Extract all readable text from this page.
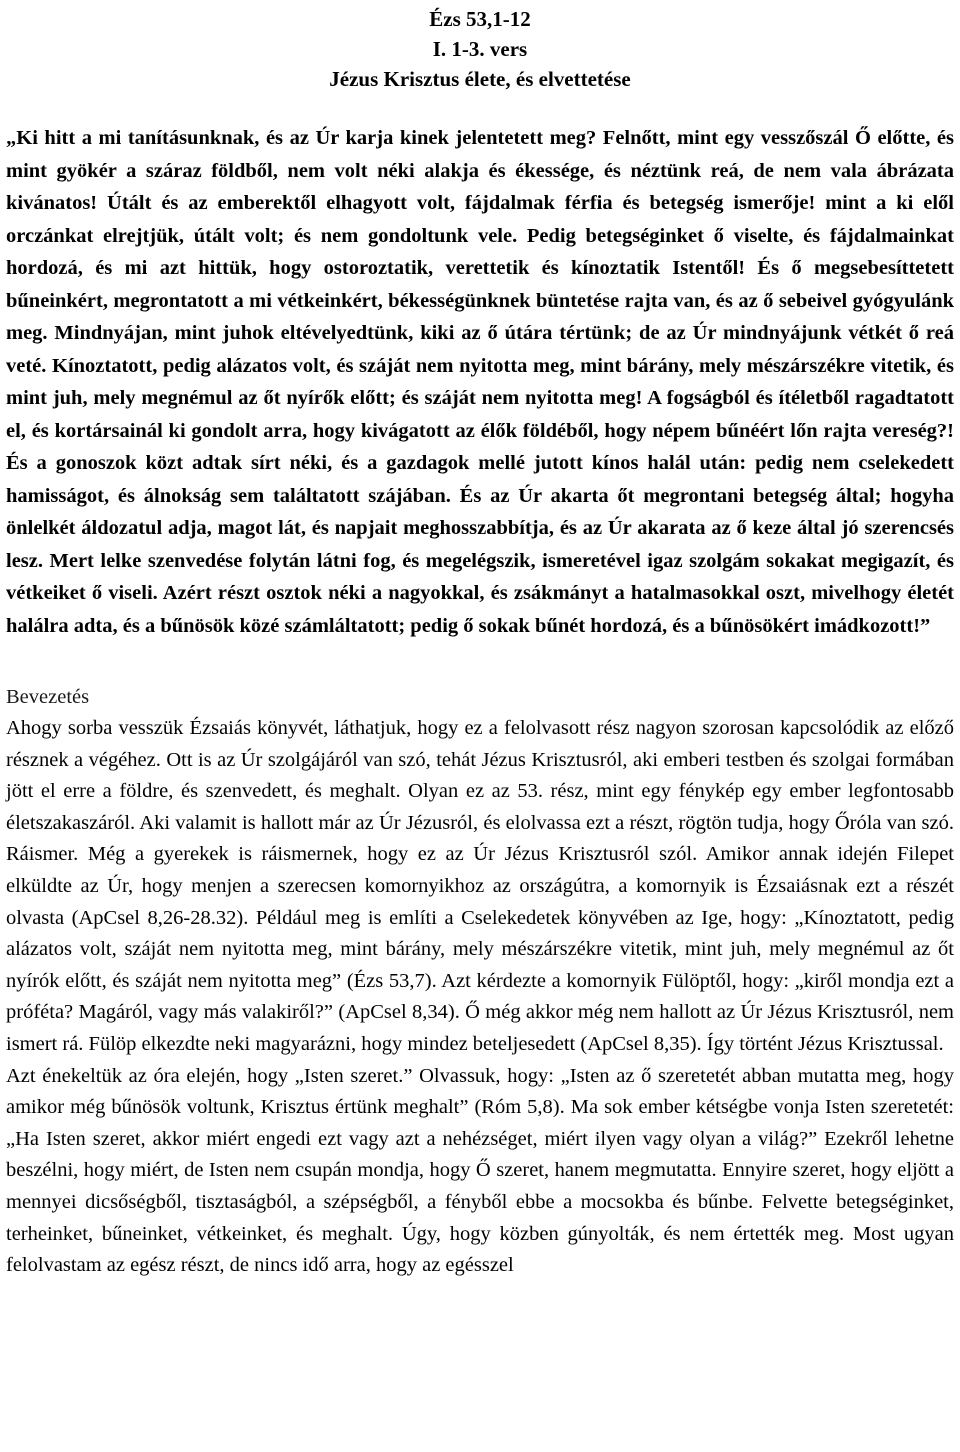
Ézs 53,1-12
I. 1-3. vers
Jézus Krisztus élete, és elvettetése
„Ki hitt a mi tanításunknak, és az Úr karja kinek jelentetett meg? Felnőtt, mint egy vesszőszál Ő előtte, és mint gyökér a száraz földből, nem volt néki alakja és ékessége, és néztünk reá, de nem vala ábrázata kivánatos! Útált és az emberektől elhagyott volt, fájdalmak férfia és betegség ismerője! mint a ki elől orczánkat elrejtjük, útált volt; és nem gondoltunk vele. Pedig betegséginket ő viselte, és fájdalmainkat hordozá, és mi azt hittük, hogy ostoroztatik, verettetik és kínoztatik Istentől! És ő megsebesíttetett bűneinkért, megrontatott a mi vétkeinkért, békességünknek büntetése rajta van, és az ő sebeivel gyógyulánk meg. Mindnyájan, mint juhok eltévelyedtünk, kiki az ő útára tértünk; de az Úr mindnyájunk vétkét ő reá veté. Kínoztatott, pedig alázatos volt, és száját nem nyitotta meg, mint bárány, mely mészárszékre vitetik, és mint juh, mely megnémul az őt nyírők előtt; és száját nem nyitotta meg! A fogságból és ítéletből ragadtatott el, és kortársainál ki gondolt arra, hogy kivágatott az élők földéből, hogy népem bűnéért lőn rajta vereség?! És a gonoszok közt adtak sírt néki, és a gazdagok mellé jutott kínos halál után: pedig nem cselekedett hamisságot, és álnokság sem találtatott szájában. És az Úr akarta őt megrontani betegség által; hogyha önlelkét áldozatul adja, magot lát, és napjait meghosszabbítja, és az Úr akarata az ő keze által jó szerencsés lesz. Mert lelke szenvedése folytán látni fog, és megelégszik, ismeretével igaz szolgám sokakat megigazít, és vétkeiket ő viseli. Azért részt osztok néki a nagyokkal, és zsákmányt a hatalmasokkal oszt, mivelhogy életét halálra adta, és a bűnösök közé számláltatott; pedig ő sokak bűnét hordozá, és a bűnösökért imádkozott!”
Bevezetés

Ahogy sorba vesszük Ézsaiás könyvét, láthatjuk, hogy ez a felolvasott rész nagyon szorosan kapcsolódik az előző résznek a végéhez. Ott is az Úr szolgájáról van szó, tehát Jézus Krisztusról, aki emberi testben és szolgai formában jött el erre a földre, és szenvedett, és meghalt. Olyan ez az 53. rész, mint egy fénykép egy ember legfontosabb életszakaszáról. Aki valamit is hallott már az Úr Jézusról, és elolvassa ezt a részt, rögtön tudja, hogy Őróla van szó. Ráismer. Még a gyerekek is ráismernek, hogy ez az Úr Jézus Krisztusról szól. Amikor annak idején Filepet elküldte az Úr, hogy menjen a szerecsen komornyikhoz az országútra, a komornyik is Ézsaiásnak ezt a részét olvasta (ApCsel 8,26-28.32). Például meg is említi a Cselekedetek könyvében az Ige, hogy: „Kínoztatott, pedig alázatos volt, száját nem nyitotta meg, mint bárány, mely mészárszékre vitetik, mint juh, mely megnémul az őt nyírók előtt, és száját nem nyitotta meg” (Ézs 53,7). Azt kérdezte a komornyik Fülöptől, hogy: „kiről mondja ezt a próféta? Magáról, vagy más valakiről?” (ApCsel 8,34). Ő még akkor még nem hallott az Úr Jézus Krisztusról, nem ismert rá. Fülöp elkezdte neki magyarázni, hogy mindez beteljesedett (ApCsel 8,35). Így történt Jézus Krisztussal.

Azt énekeltük az óra elején, hogy „Isten szeret.” Olvassuk, hogy: „Isten az ő szeretetét abban mutatta meg, hogy amikor még bűnösök voltunk, Krisztus értünk meghalt” (Róm 5,8). Ma sok ember kétségbe vonja Isten szeretetét: „Ha Isten szeret, akkor miért engedi ezt vagy azt a nehézséget, miért ilyen vagy olyan a világ?” Ezekről lehetne beszélni, hogy miért, de Isten nem csupán mondja, hogy Ő szeret, hanem megmutatta. Ennyire szeret, hogy eljött a mennyei dicsőségből, tisztaságból, a szépségből, a fényből ebbe a mocsokba és bűnbe. Felvette betegséginket, terheinket, bűneinket, vétkeinket, és meghalt. Úgy, hogy közben gúnyolták, és nem értették meg. Most ugyan felolvastam az egész részt, de nincs idő arra, hogy az egésszel
